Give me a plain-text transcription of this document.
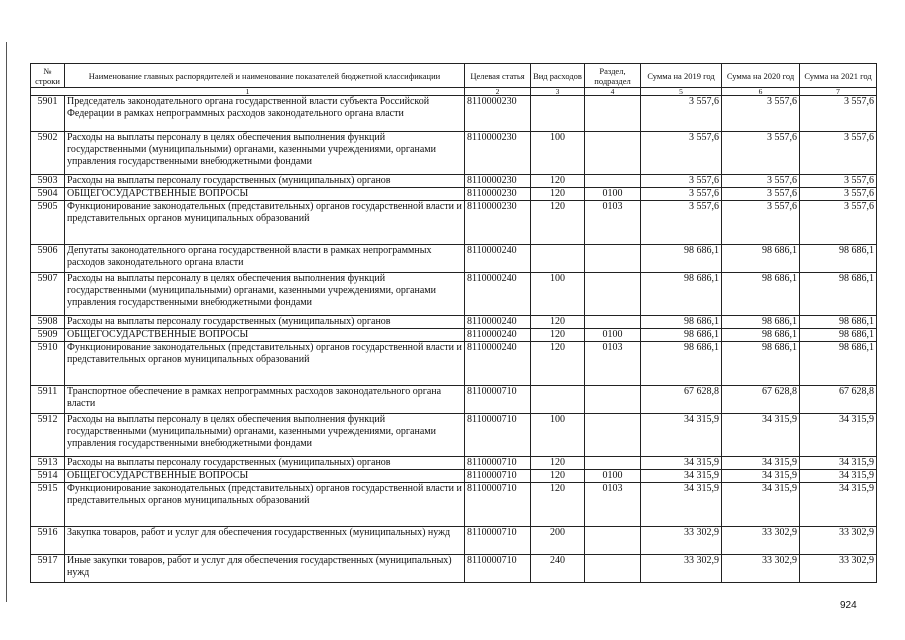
№ строки	Наименование главных распорядителей и наименование показателей бюджетной классификации	Целевая статья	Вид расходов	Раздел, подраздел	Сумма на 2019 год	Сумма на 2020 год	Сумма на 2021 год
1		2	3	4	5	6	7
5901	Председатель законодательного органа государственной власти субъекта Российской Федерации в рамках непрограммных расходов законодательного органа власти	8110000230			3 557,6	3 557,6	3 557,6
5902	Расходы на выплаты персоналу в целях обеспечения выполнения функций государственными (муниципальными) органами, казенными учреждениями, органами управления государственными внебюджетными фондами	8110000230	100		3 557,6	3 557,6	3 557,6
5903	Расходы на выплаты персоналу государственных (муниципальных) органов	8110000230	120		3 557,6	3 557,6	3 557,6
5904	ОБЩЕГОСУДАРСТВЕННЫЕ ВОПРОСЫ	8110000230	120	0100	3 557,6	3 557,6	3 557,6
5905	Функционирование законодательных (представительных) органов государственной власти и представительных органов муниципальных образований	8110000230	120	0103	3 557,6	3 557,6	3 557,6
5906	Депутаты законодательного органа государственной власти в рамках непрограммных расходов законодательного органа власти	8110000240			98 686,1	98 686,1	98 686,1
5907	Расходы на выплаты персоналу в целях обеспечения выполнения функций государственными (муниципальными) органами, казенными учреждениями, органами управления государственными внебюджетными фондами	8110000240	100		98 686,1	98 686,1	98 686,1
5908	Расходы на выплаты персоналу государственных (муниципальных) органов	8110000240	120		98 686,1	98 686,1	98 686,1
5909	ОБЩЕГОСУДАРСТВЕННЫЕ ВОПРОСЫ	8110000240	120	0100	98 686,1	98 686,1	98 686,1
5910	Функционирование законодательных (представительных) органов государственной власти и представительных органов муниципальных образований	8110000240	120	0103	98 686,1	98 686,1	98 686,1
5911	Транспортное обеспечение в рамках непрограммных расходов законодательного органа власти	8110000710			67 628,8	67 628,8	67 628,8
5912	Расходы на выплаты персоналу в целях обеспечения выполнения функций государственными (муниципальными) органами, казенными учреждениями, органами управления государственными внебюджетными фондами	8110000710	100		34 315,9	34 315,9	34 315,9
5913	Расходы на выплаты персоналу государственных (муниципальных) органов	8110000710	120		34 315,9	34 315,9	34 315,9
5914	ОБЩЕГОСУДАРСТВЕННЫЕ ВОПРОСЫ	8110000710	120	0100	34 315,9	34 315,9	34 315,9
5915	Функционирование законодательных (представительных) органов государственной власти и представительных органов муниципальных образований	8110000710	120	0103	34 315,9	34 315,9	34 315,9
5916	Закупка товаров, работ и услуг для обеспечения государственных (муниципальных) нужд	8110000710	200		33 302,9	33 302,9	33 302,9
5917	Иные закупки товаров, работ и услуг для обеспечения государственных (муниципальных) нужд	8110000710	240		33 302,9	33 302,9	33 302,9
924
